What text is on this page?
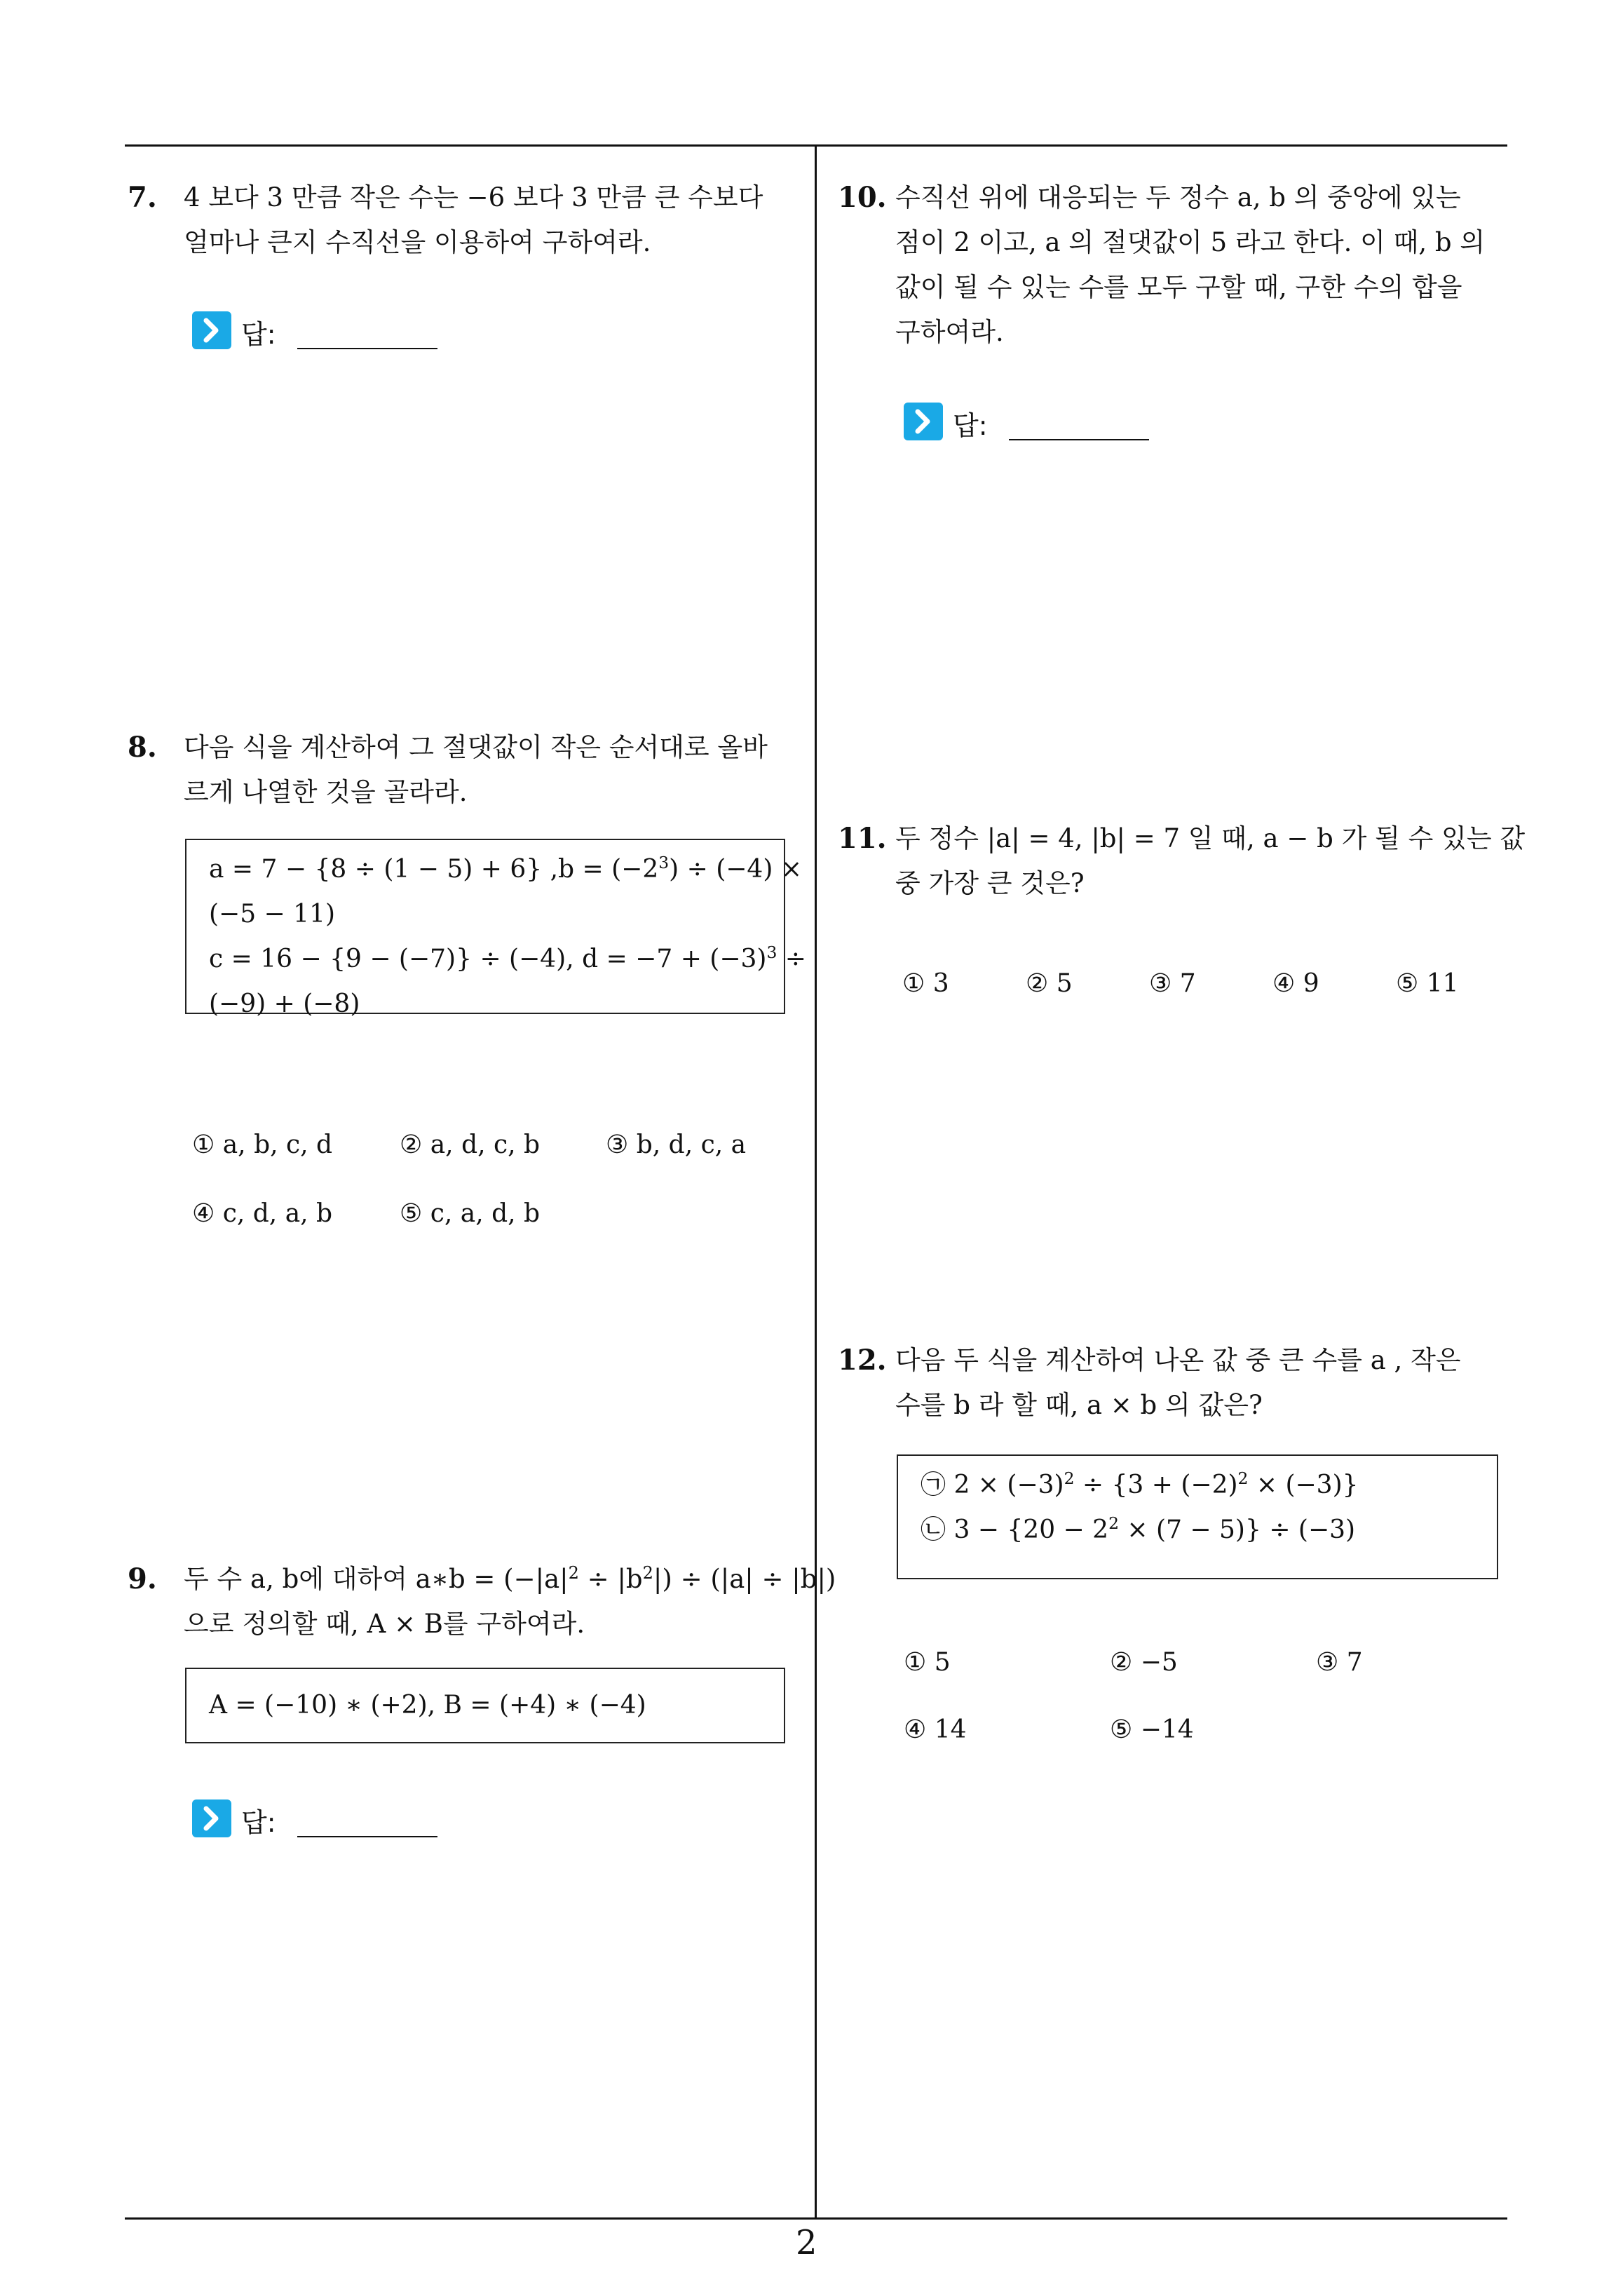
7. 4 보다 3 만큼 작은 수는 −6 보다 3 만큼 큰 수보다
얼마나 큰지 수직선을 이용하여 구하여라.
답:
8. 다음 식을 계산하여 그 절댓값이 작은 순서대로 올바
르게 나열한 것을 골라라.
a = 7 − {8 ÷ (1 − 5) + 6} $,b = (-2^3) \div (-4)$ ×
(−5 − 11)
c = 16 − {9 − (−7)} ÷ (−4), $d = -7 + (-3)^3$ ÷
(−9) + (−8)
① a, b, c, d	② a, d, c, b	③ b, d, c, a
④ c, d, a, b	⑤ c, a, d, b
9. 두 수 a, b에 대하여 a∗b = $(-|a|^2 \div |b^2|) \div (|a| \div |b|)$
으로 정의할 때, A × B를 구하여라.
A = (−10) ∗ (+2), B = (+4) ∗ (−4)
답:
10. 수직선 위에 대응되는 두 정수 a, b 의 중앙에 있는
점이 2 이고, a 의 절댓값이 5 라고 한다. 이 때, b 의
값이 될 수 있는 수를 모두 구할 때, 구한 수의 합을
구하여라.
답:
11. 두 정수 |a| = 4, |b| = 7 일 때, a − b 가 될 수 있는 값
중 가장 큰 것은?
① 3	② 5	③ 7	④ 9	⑤ 11
12. 다음 두 식을 계산하여 나온 값 중 큰 수를 a , 작은
수를 b 라 할 때, a × b 의 값은?
㉠ $2 \times (-3)^2 \div \{3 + (-2)^2 \times (-3)\}$
㉡ $3 - \{20 - 2^2 \times (7 - 5)\} \div (-3)$
① 5	② −5	③ 7
④ 14	⑤ −14
2
